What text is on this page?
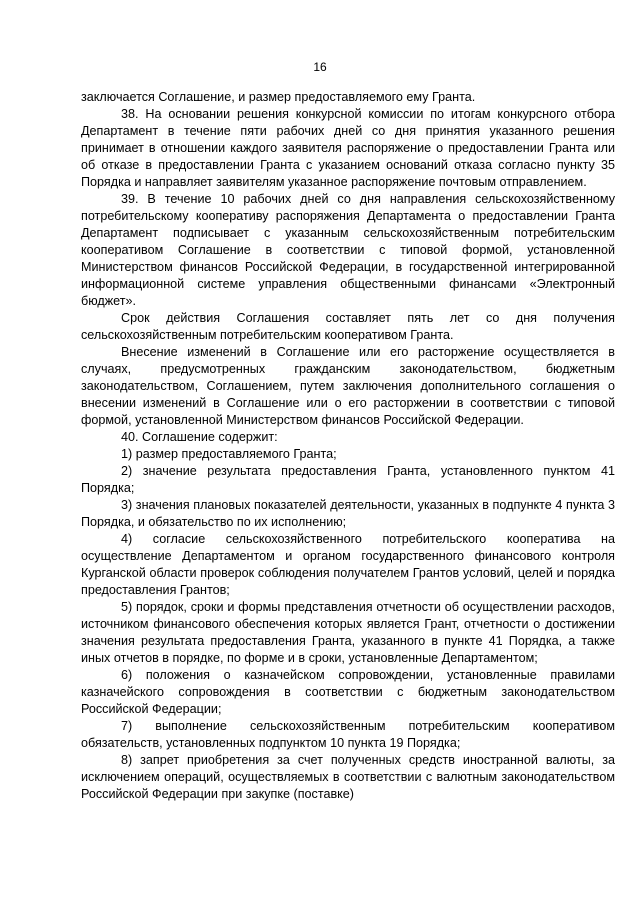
16

заключается Соглашение, и размер предоставляемого ему Гранта.

38. На основании решения конкурсной комиссии по итогам конкурсного отбора Департамент в течение пяти рабочих дней со дня принятия указанного решения принимает в отношении каждого заявителя распоряжение о предоставлении Гранта или об отказе в предоставлении Гранта с указанием оснований отказа согласно пункту 35 Порядка и направляет заявителям указанное распоряжение почтовым отправлением.

39. В течение 10 рабочих дней со дня направления сельскохозяйственному потребительскому кооперативу распоряжения Департамента о предоставлении Гранта Департамент подписывает с указанным сельскохозяйственным потребительским кооперативом Соглашение в соответствии с типовой формой, установленной Министерством финансов Российской Федерации, в государственной интегрированной информационной системе управления общественными финансами «Электронный бюджет».

Срок действия Соглашения составляет пять лет со дня получения сельскохозяйственным потребительским кооперативом Гранта.

Внесение изменений в Соглашение или его расторжение осуществляется в случаях, предусмотренных гражданским законодательством, бюджетным законодательством, Соглашением, путем заключения дополнительного соглашения о внесении изменений в Соглашение или о его расторжении в соответствии с типовой формой, установленной Министерством финансов Российской Федерации.

40. Соглашение содержит:

1) размер предоставляемого Гранта;

2) значение результата предоставления Гранта, установленного пунктом 41 Порядка;

3) значения плановых показателей деятельности, указанных в подпункте 4 пункта 3 Порядка, и обязательство по их исполнению;

4) согласие сельскохозяйственного потребительского кооператива на осуществление Департаментом и органом государственного финансового контроля Курганской области проверок соблюдения получателем Грантов условий, целей и порядка предоставления Грантов;

5) порядок, сроки и формы представления отчетности об осуществлении расходов, источником финансового обеспечения которых является Грант, отчетности о достижении значения результата предоставления Гранта, указанного в пункте 41 Порядка, а также иных отчетов в порядке, по форме и в сроки, установленные Департаментом;

6) положения о казначейском сопровождении, установленные правилами казначейского сопровождения в соответствии с бюджетным законодательством Российской Федерации;

7) выполнение сельскохозяйственным потребительским кооперативом обязательств, установленных подпунктом 10 пункта 19 Порядка;

8) запрет приобретения за счет полученных средств иностранной валюты, за исключением операций, осуществляемых в соответствии с валютным законодательством Российской Федерации при закупке (поставке)
